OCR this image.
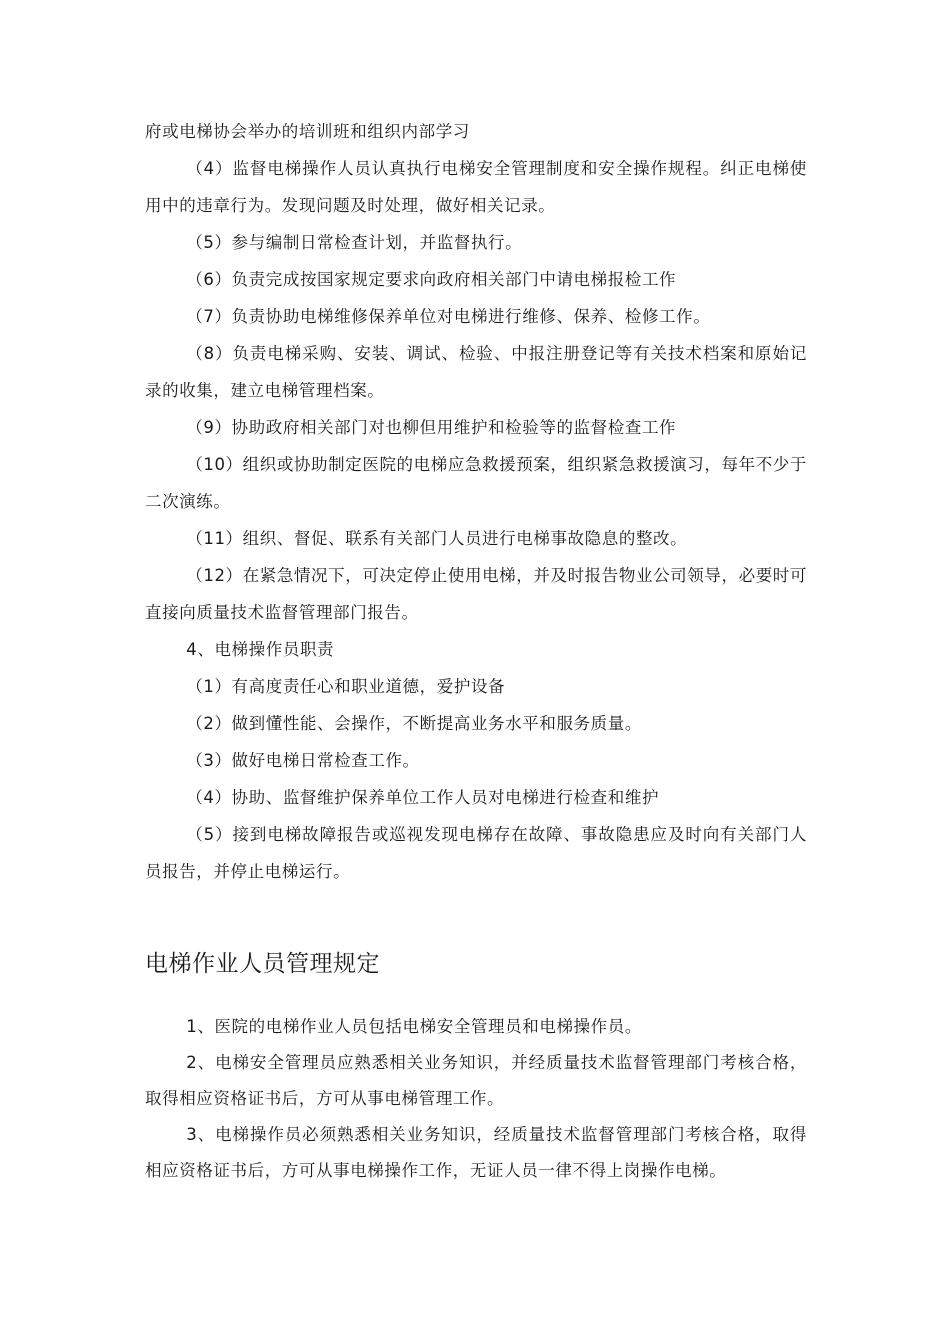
府或电梯协会举办的培训班和组织内部学习

（4）监督电梯操作人员认真执行电梯安全管理制度和安全操作规程。纠正电梯使用中的违章行为。发现问题及时处理，做好相关记录。

（5）参与编制日常检查计划，并监督执行。

（6）负责完成按国家规定要求向政府相关部门中请电梯报检工作

（7）负责协助电梯维修保养单位对电梯进行维修、保养、检修工作。

（8）负责电梯采购、安装、调试、检验、中报注册登记等有关技术档案和原始记录的收集，建立电梯管理档案。

（9）协助政府相关部门对也柳但用维护和检验等的监督检查工作

（10）组织或协助制定医院的电梯应急救援预案，组织紧急救援演习，每年不少于二次演练。

（11）组织、督促、联系有关部门人员进行电梯事故隐息的整改。

（12）在紧急情况下，可决定停止使用电梯，并及时报告物业公司领导，必要时可直接向质量技术监督管理部门报告。

4、电梯操作员职责

（1）有高度责任心和职业道德，爱护设备

（2）做到懂性能、会操作，不断提高业务水平和服务质量。

（3）做好电梯日常检查工作。

（4）协助、监督维护保养单位工作人员对电梯进行检查和维护

（5）接到电梯故障报告或巡视发现电梯存在故障、事故隐患应及时向有关部门人员报告，并停止电梯运行。

电梯作业人员管理规定

1、医院的电梯作业人员包括电梯安全管理员和电梯操作员。

2、电梯安全管理员应熟悉相关业务知识，并经质量技术监督管理部门考核合格，取得相应资格证书后，方可从事电梯管理工作。

3、电梯操作员必须熟悉相关业务知识，经质量技术监督管理部门考核合格，取得相应资格证书后，方可从事电梯操作工作，无证人员一律不得上岗操作电梯。
